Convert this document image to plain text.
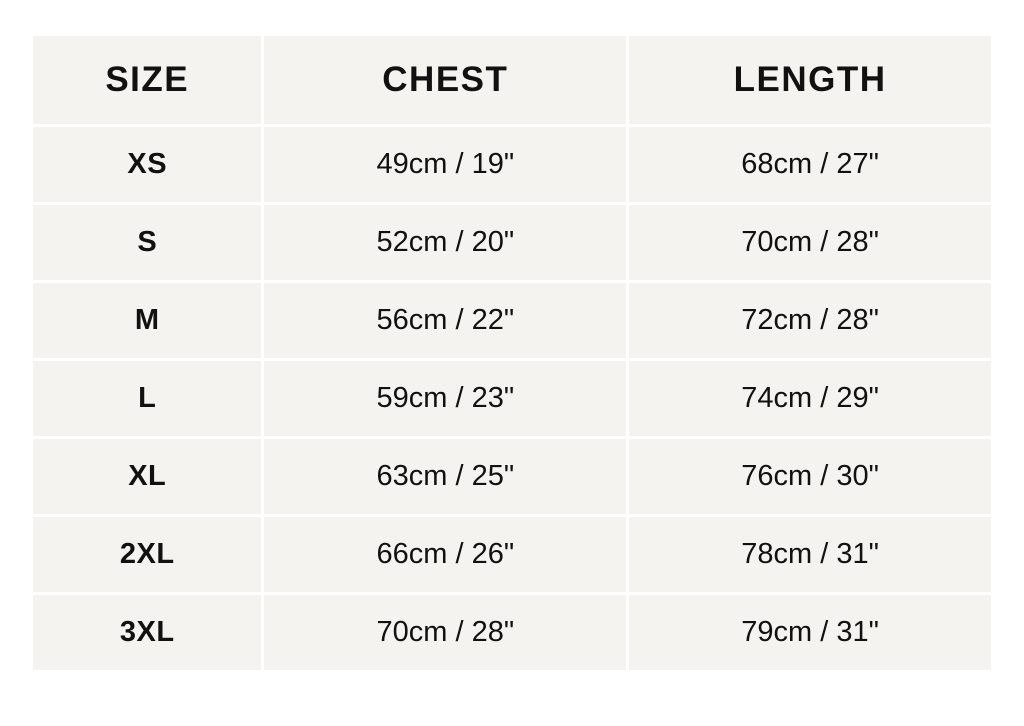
SIZE	CHEST	LENGTH
XS	49cm / 19"	68cm / 27"
S	52cm / 20"	70cm / 28"
M	56cm / 22"	72cm / 28"
L	59cm / 23"	74cm / 29"
XL	63cm / 25"	76cm / 30"
2XL	66cm / 26"	78cm / 31"
3XL	70cm / 28"	79cm / 31"
